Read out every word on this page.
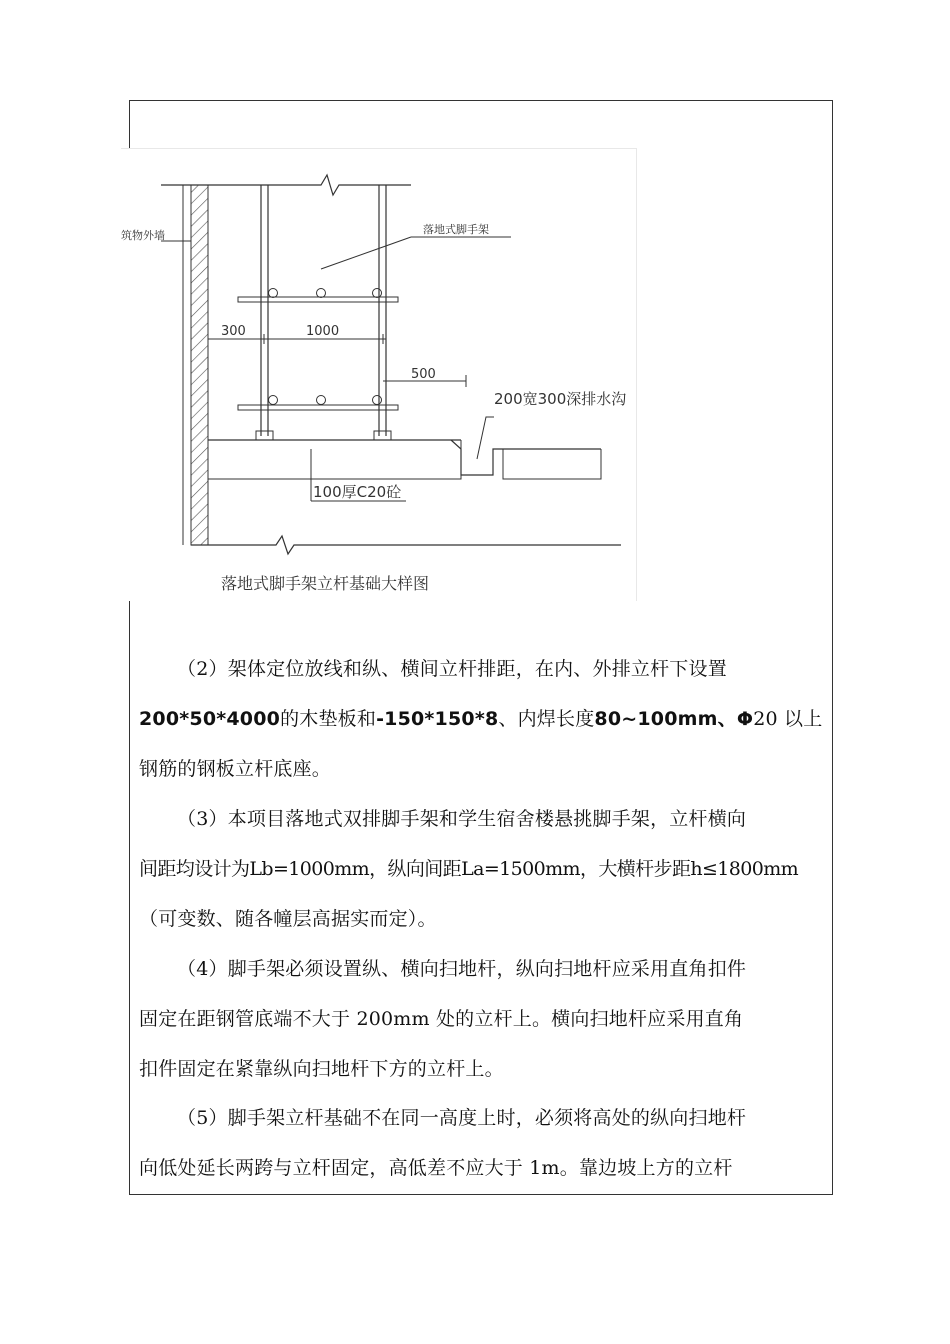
筑物外墙	落地式脚手架
300	1000
500
200宽300深排水沟
100厚C20砼
落地式脚手架立杆基础大样图
（2）架体定位放线和纵、横间立杆排距，在内、外排立杆下设置
200*50*4000的木垫板和-150*150*8、内焊长度80~100mm、Φ20 以上
钢筋的钢板立杆底座。
（3）本项目落地式双排脚手架和学生宿舍楼悬挑脚手架，立杆横向
间距均设计为Lb=1000mm，纵向间距La=1500mm，大横杆步距h≤1800mm
（可变数、随各幢层高据实而定）。
（4）脚手架必须设置纵、横向扫地杆，纵向扫地杆应采用直角扣件
固定在距钢管底端不大于 200mm 处的立杆上。横向扫地杆应采用直角
扣件固定在紧靠纵向扫地杆下方的立杆上。
（5）脚手架立杆基础不在同一高度上时，必须将高处的纵向扫地杆
向低处延长两跨与立杆固定，高低差不应大于 1m。靠边坡上方的立杆
